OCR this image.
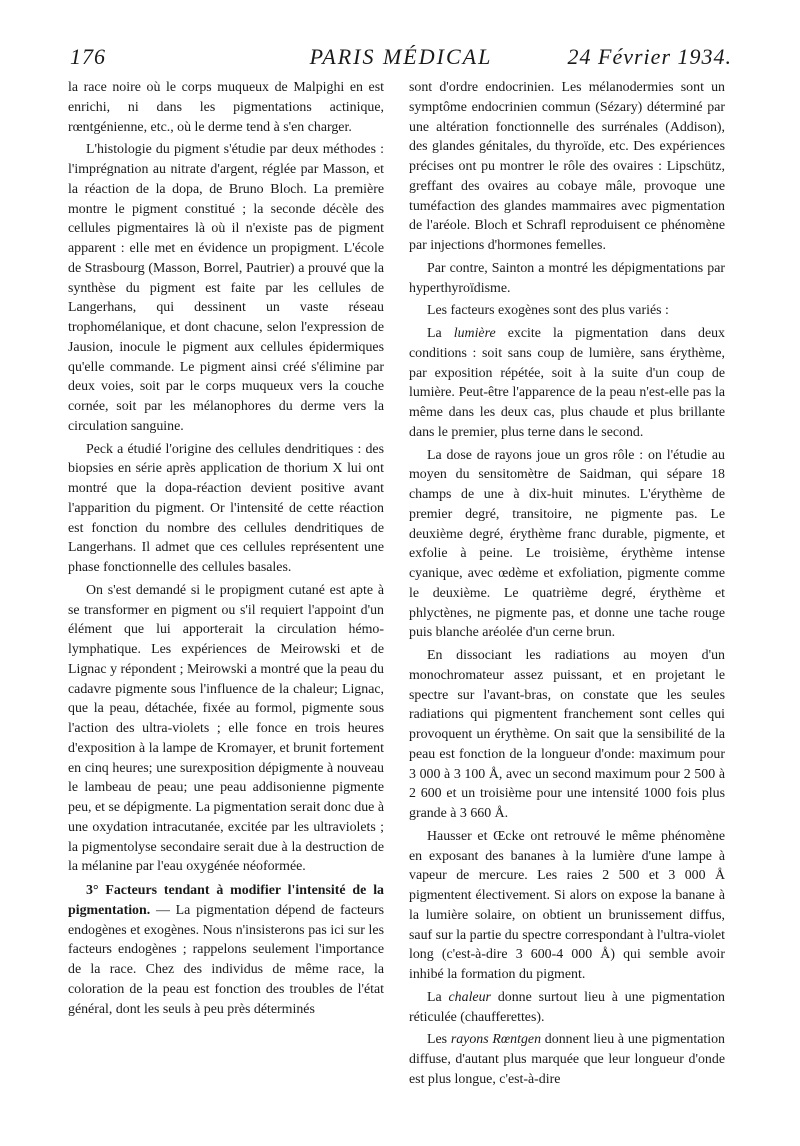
176	PARIS MÉDICAL	24 Février 1934.

la race noire où le corps muqueux de Malpighi en est enrichi, ni dans les pigmentations actinique, rœntgénienne, etc., où le derme tend à s'en charger.

L'histologie du pigment s'étudie par deux méthodes : l'imprégnation au nitrate d'argent, réglée par Masson, et la réaction de la dopa, de Bruno Bloch. La première montre le pigment constitué ; la seconde décèle des cellules pigmentaires là où il n'existe pas de pigment apparent : elle met en évidence un propigment. L'école de Strasbourg (Masson, Borrel, Pautrier) a prouvé que la synthèse du pigment est faite par les cellules de Langerhans, qui dessinent un vaste réseau trophomélanique, et dont chacune, selon l'expression de Jausion, inocule le pigment aux cellules épidermiques qu'elle commande. Le pigment ainsi créé s'élimine par deux voies, soit par le corps muqueux vers la couche cornée, soit par les mélanophores du derme vers la circulation sanguine.

Peck a étudié l'origine des cellules dendritiques : des biopsies en série après application de thorium X lui ont montré que la dopa-réaction devient positive avant l'apparition du pigment. Or l'intensité de cette réaction est fonction du nombre des cellules dendritiques de Langerhans. Il admet que ces cellules représentent une phase fonctionnelle des cellules basales.

On s'est demandé si le propigment cutané est apte à se transformer en pigment ou s'il requiert l'appoint d'un élément que lui apporterait la circulation hémo-lymphatique. Les expériences de Meirowski et de Lignac y répondent ; Meirowski a montré que la peau du cadavre pigmente sous l'influence de la chaleur; Lignac, que la peau, détachée, fixée au formol, pigmente sous l'action des ultra-violets ; elle fonce en trois heures d'exposition à la lampe de Kromayer, et brunit fortement en cinq heures; une surexposition dépigmente à nouveau le lambeau de peau; une peau addisonienne pigmente peu, et se dépigmente. La pigmentation serait donc due à une oxydation intracutanée, excitée par les ultraviolets ; la pigmentolyse secondaire serait due à la destruction de la mélanine par l'eau oxygénée néoformée.

3° Facteurs tendant à modifier l'intensité de la pigmentation. — La pigmentation dépend de facteurs endogènes et exogènes. Nous n'insisterons pas ici sur les facteurs endogènes ; rappelons seulement l'importance de la race. Chez des individus de même race, la coloration de la peau est fonction des troubles de l'état général, dont les seuls à peu près déterminés

sont d'ordre endocrinien. Les mélanodermies sont un symptôme endocrinien commun (Sézary) déterminé par une altération fonctionnelle des surrénales (Addison), des glandes génitales, du thyroïde, etc. Des expériences précises ont pu montrer le rôle des ovaires : Lipschütz, greffant des ovaires au cobaye mâle, provoque une tuméfaction des glandes mammaires avec pigmentation de l'aréole. Bloch et Schrafl reproduisent ce phénomène par injections d'hormones femelles.

Par contre, Sainton a montré les dépigmentations par hyperthyroïdisme.

Les facteurs exogènes sont des plus variés :

La lumière excite la pigmentation dans deux conditions : soit sans coup de lumière, sans érythème, par exposition répétée, soit à la suite d'un coup de lumière. Peut-être l'apparence de la peau n'est-elle pas la même dans les deux cas, plus chaude et plus brillante dans le premier, plus terne dans le second.

La dose de rayons joue un gros rôle : on l'étudie au moyen du sensitomètre de Saidman, qui sépare 18 champs de une à dix-huit minutes. L'érythème de premier degré, transitoire, ne pigmente pas. Le deuxième degré, érythème franc durable, pigmente, et exfolie à peine. Le troisième, érythème intense cyanique, avec œdème et exfoliation, pigmente comme le deuxième. Le quatrième degré, érythème et phlyctènes, ne pigmente pas, et donne une tache rouge puis blanche aréolée d'un cerne brun.

En dissociant les radiations au moyen d'un monochromateur assez puissant, et en projetant le spectre sur l'avant-bras, on constate que les seules radiations qui pigmentent franchement sont celles qui provoquent un érythème. On sait que la sensibilité de la peau est fonction de la longueur d'onde: maximum pour 3 000 à 3 100 Å, avec un second maximum pour 2 500 à 2 600 et un troisième pour une intensité 1000 fois plus grande à 3 660 Å.

Hausser et Œcke ont retrouvé le même phénomène en exposant des bananes à la lumière d'une lampe à vapeur de mercure. Les raies 2 500 et 3 000 Å pigmentent électivement. Si alors on expose la banane à la lumière solaire, on obtient un brunissement diffus, sauf sur la partie du spectre correspondant à l'ultra-violet long (c'est-à-dire 3 600-4 000 Å) qui semble avoir inhibé la formation du pigment.

La chaleur donne surtout lieu à une pigmentation réticulée (chaufferettes).

Les rayons Rœntgen donnent lieu à une pigmentation diffuse, d'autant plus marquée que leur longueur d'onde est plus longue, c'est-à-dire
